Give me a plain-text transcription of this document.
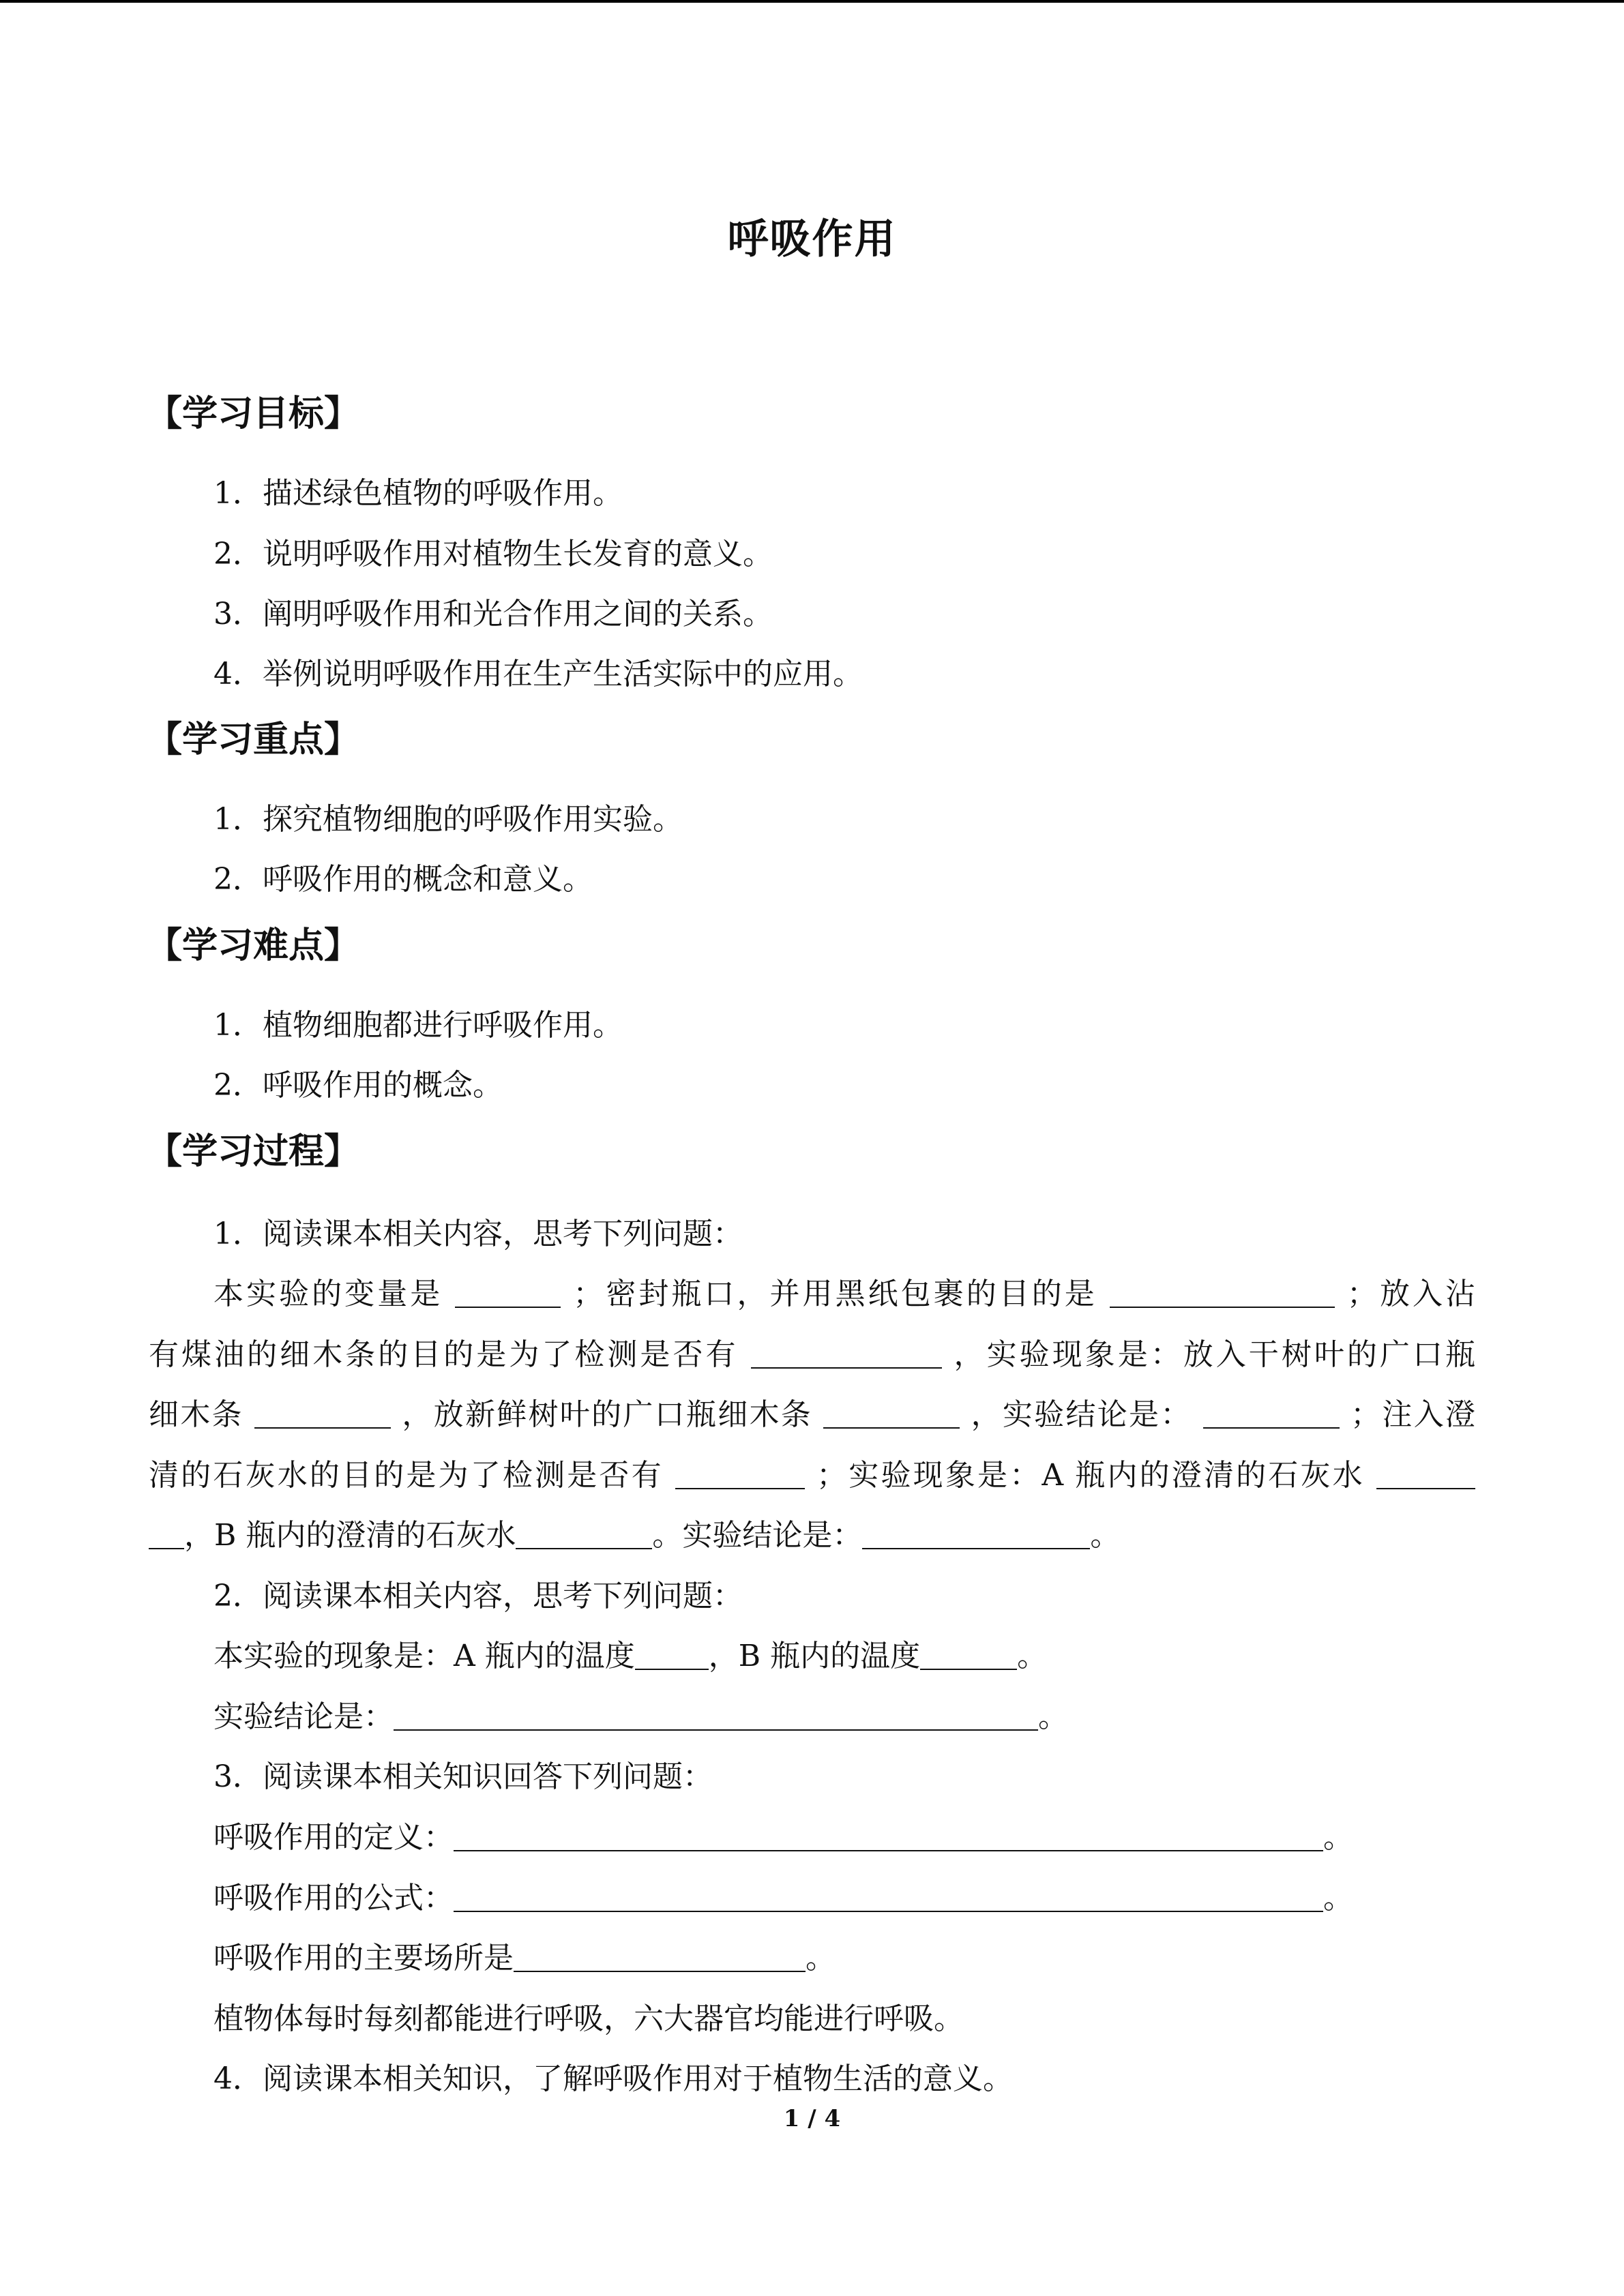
呼吸作用
【学习目标】
1．描述绿色植物的呼吸作用。
2．说明呼吸作用对植物生长发育的意义。
3．阐明呼吸作用和光合作用之间的关系。
4．举例说明呼吸作用在生产生活实际中的应用。
【学习重点】
1．探究植物细胞的呼吸作用实验。
2．呼吸作用的概念和意义。
【学习难点】
1．植物细胞都进行呼吸作用。
2．呼吸作用的概念。
【学习过程】
1．阅读课本相关内容，思考下列问题：
本实验的变量是	；密封瓶口，并用黑纸包裹的目的是	；放入沾
有煤油的细木条的目的是为了检测是否有	，实验现象是：放入干树叶的广口瓶
细木条	，放新鲜树叶的广口瓶细木条	，实验结论是：	；注入澄
清的石灰水的目的是为了检测是否有	；实验现象是：A 瓶内的澄清的石灰水
，B 瓶内的澄清的石灰水	。实验结论是：	。
2．阅读课本相关内容，思考下列问题：
本实验的现象是：A 瓶内的温度 ，B 瓶内的温度	。
实验结论是：	。
3．阅读课本相关知识回答下列问题：
呼吸作用的定义：	。
呼吸作用的公式：	。
呼吸作用的主要场所是	。
植物体每时每刻都能进行呼吸，六大器官均能进行呼吸。
4．阅读课本相关知识，了解呼吸作用对于植物生活的意义。
1 / 4
